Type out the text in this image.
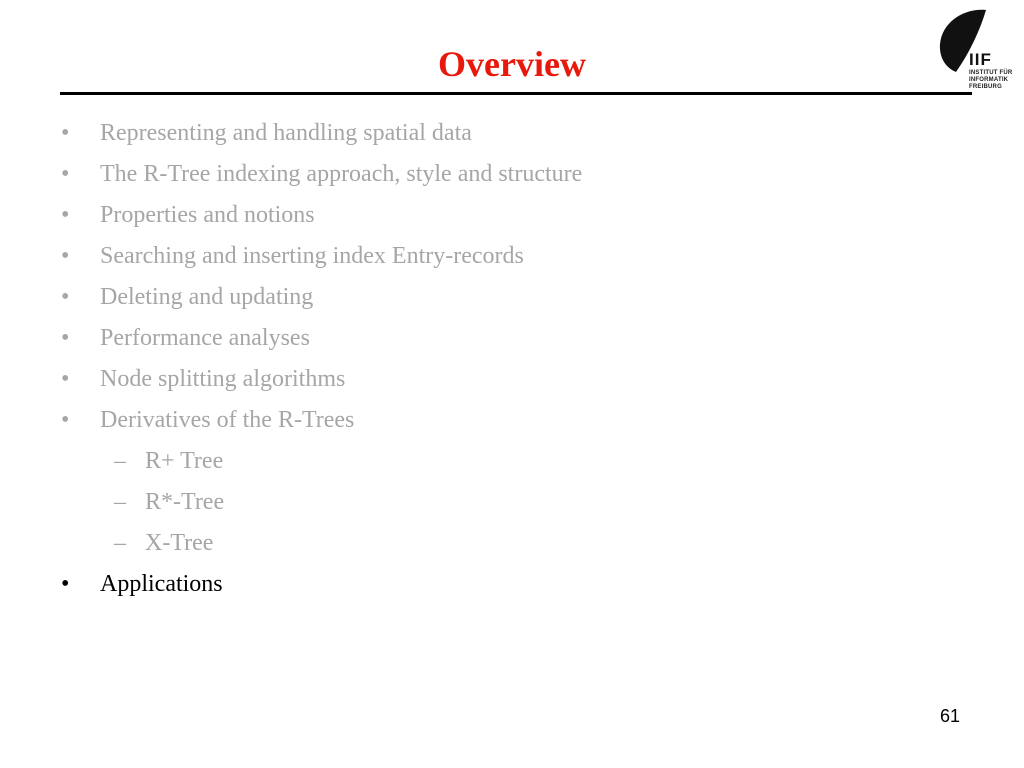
Overview	IIF
INSTITUT FÜR
INFORMATIK
FREIBURG
• Representing and handling spatial data
• The R-Tree indexing approach, style and structure
• Properties and notions
• Searching and inserting index Entry-records
• Deleting and updating
• Performance analyses
• Node splitting algorithms
• Derivatives of the R-Trees
– R+ Tree
– R*-Tree
– X-Tree
• Applications
61
